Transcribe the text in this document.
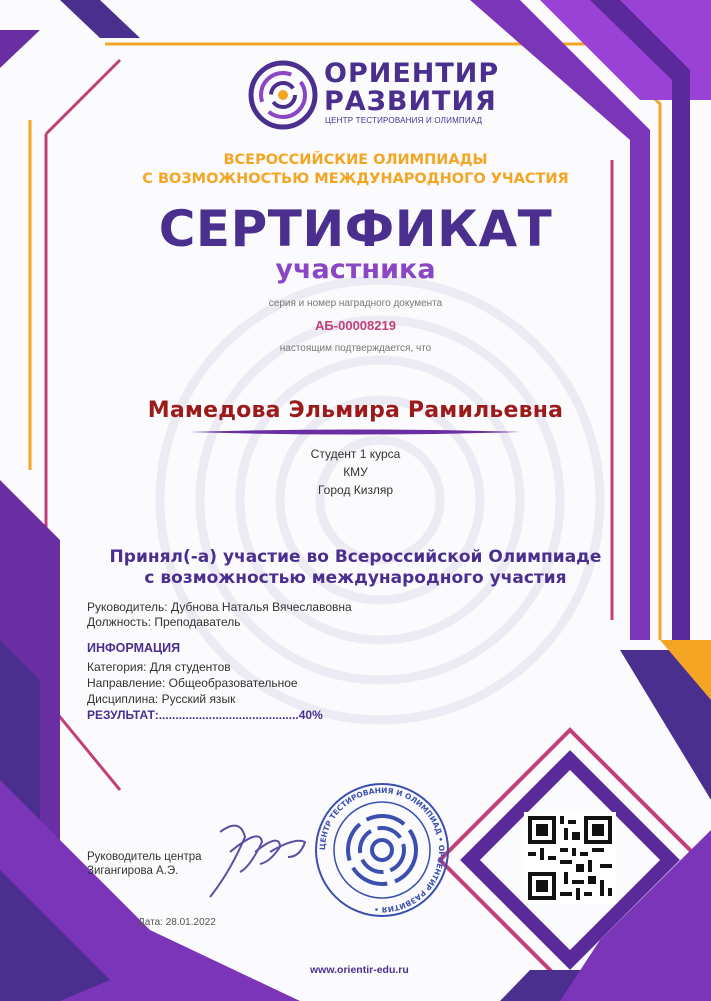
ОРИЕНТИР
РАЗВИТИЯ
ЦЕНТР ТЕСТИРОВАНИЯ И ОЛИМПИАД
ВСЕРОССИЙСКИЕ ОЛИМПИАДЫ
С ВОЗМОЖНОСТЬЮ МЕЖДУНАРОДНОГО УЧАСТИЯ
СЕРТИФИКАТ
участника
серия и номер наградного документа
АБ-00008219
настоящим подтверждается, что
Мамедова Эльмира Рамильевна
Студент 1 курса
КМУ
Город Кизляр
Принял(-а) участие во Всероссийской Олимпиаде
с возможностью международного участия
Руководитель: Дубнова Наталья Вячеславовна
Должность: Преподаватель
ИНФОРМАЦИЯ
Категория: Для студентов
Направление: Общеобразовательное
Дисциплина: Русский язык
РЕЗУЛЬТАТ:..........................................40%
Руководитель центра
Зигангирова А.Э.
ЦЕНТР ТЕСТИРОВАНИЯ И ОЛИМПИАД • ОРИЕНТИР РАЗВИТИЯ •
Дата: 28.01.2022
www.orientir-edu.ru
